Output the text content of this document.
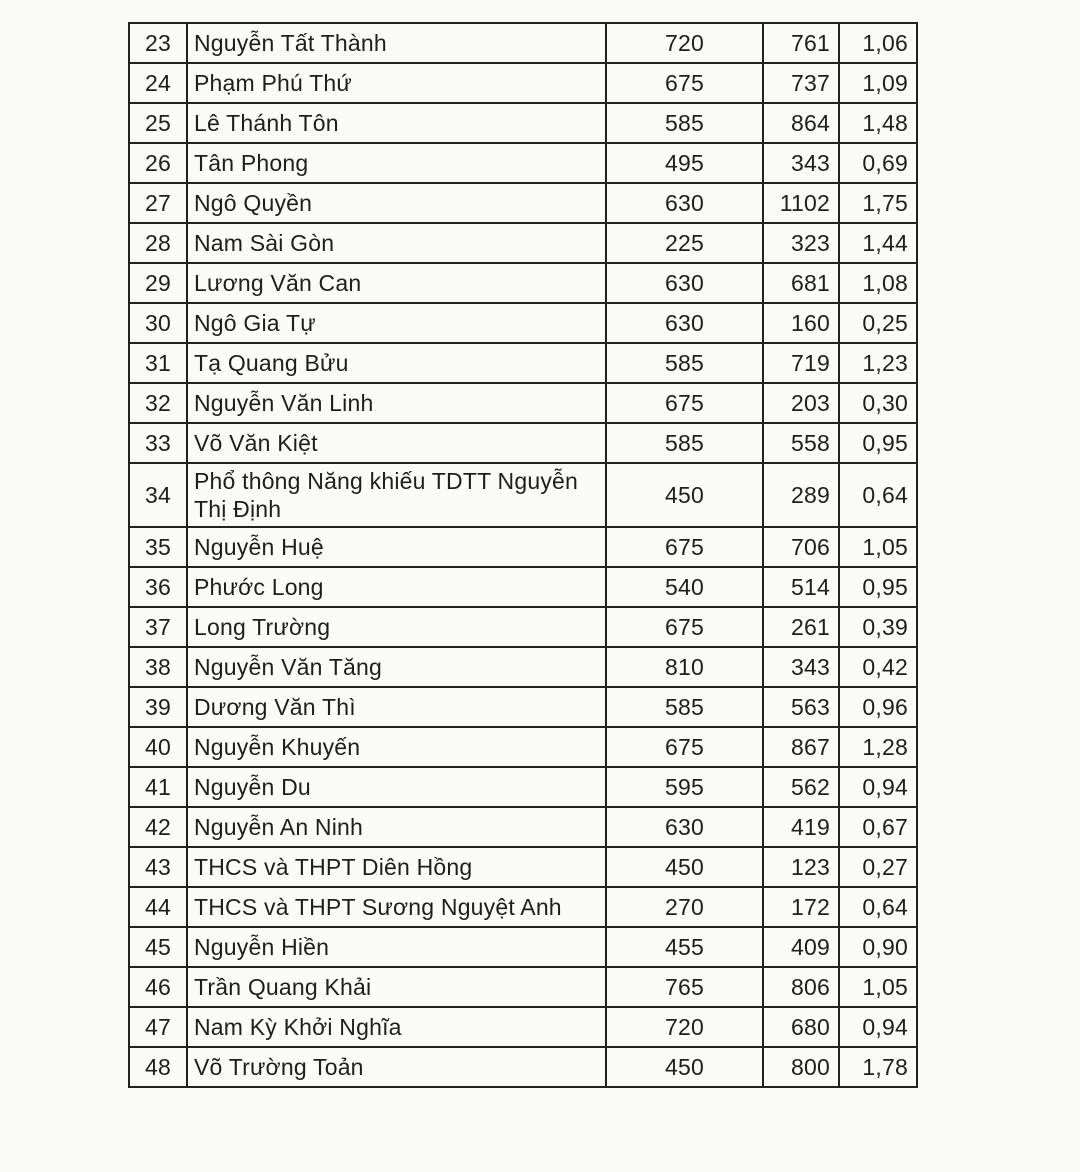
23	Nguyễn Tất Thành	720	761	1,06
24	Phạm Phú Thứ	675	737	1,09
25	Lê Thánh Tôn	585	864	1,48
26	Tân Phong	495	343	0,69
27	Ngô Quyền	630	1102	1,75
28	Nam Sài Gòn	225	323	1,44
29	Lương Văn Can	630	681	1,08
30	Ngô Gia Tự	630	160	0,25
31	Tạ Quang Bửu	585	719	1,23
32	Nguyễn Văn Linh	675	203	0,30
33	Võ Văn Kiệt	585	558	0,95
34	Phổ thông Năng khiếu TDTT Nguyễn Thị Định	450	289	0,64
35	Nguyễn Huệ	675	706	1,05
36	Phước Long	540	514	0,95
37	Long Trường	675	261	0,39
38	Nguyễn Văn Tăng	810	343	0,42
39	Dương Văn Thì	585	563	0,96
40	Nguyễn Khuyến	675	867	1,28
41	Nguyễn Du	595	562	0,94
42	Nguyễn An Ninh	630	419	0,67
43	THCS và THPT Diên Hồng	450	123	0,27
44	THCS và THPT Sương Nguyệt Anh	270	172	0,64
45	Nguyễn Hiền	455	409	0,90
46	Trần Quang Khải	765	806	1,05
47	Nam Kỳ Khởi Nghĩa	720	680	0,94
48	Võ Trường Toản	450	800	1,78
